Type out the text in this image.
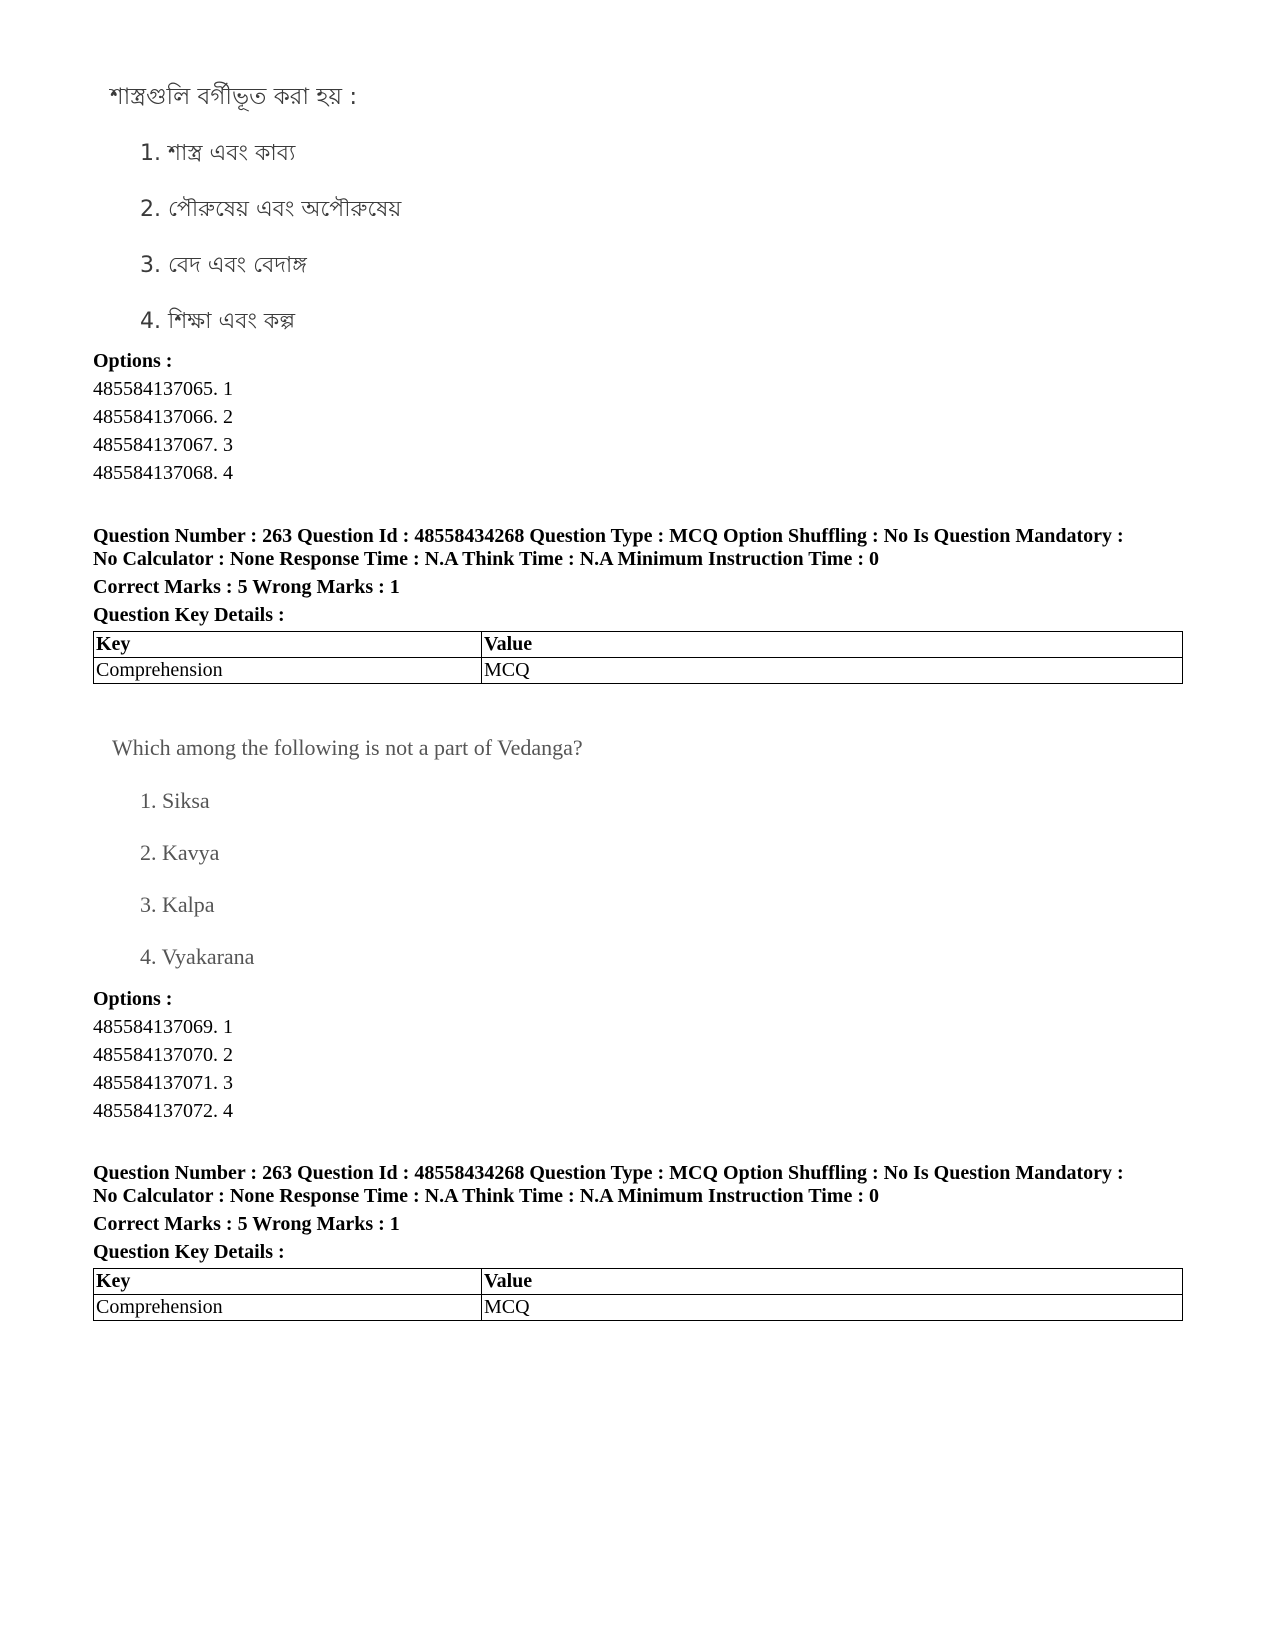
শাস্ত্রগুলি বর্গীভূত করা হয় :
1. শাস্ত্র এবং কাব্য
2. পৌরুষেয় এবং অপৌরুষেয়
3. বেদ এবং বেদাঙ্গ
4. শিক্ষা এবং কল্প
Options :
485584137065. 1
485584137066. 2
485584137067. 3
485584137068. 4
Question Number : 263 Question Id : 48558434268 Question Type : MCQ Option Shuffling : No Is Question Mandatory :
No Calculator : None Response Time : N.A Think Time : N.A Minimum Instruction Time : 0
Correct Marks : 5 Wrong Marks : 1
Question Key Details :
Key	Value
Comprehension	MCQ
Which among the following is not a part of Vedanga?
1. Siksa
2. Kavya
3. Kalpa
4. Vyakarana
Options :
485584137069. 1
485584137070. 2
485584137071. 3
485584137072. 4
Question Number : 263 Question Id : 48558434268 Question Type : MCQ Option Shuffling : No Is Question Mandatory :
No Calculator : None Response Time : N.A Think Time : N.A Minimum Instruction Time : 0
Correct Marks : 5 Wrong Marks : 1
Question Key Details :
Key	Value
Comprehension	MCQ
